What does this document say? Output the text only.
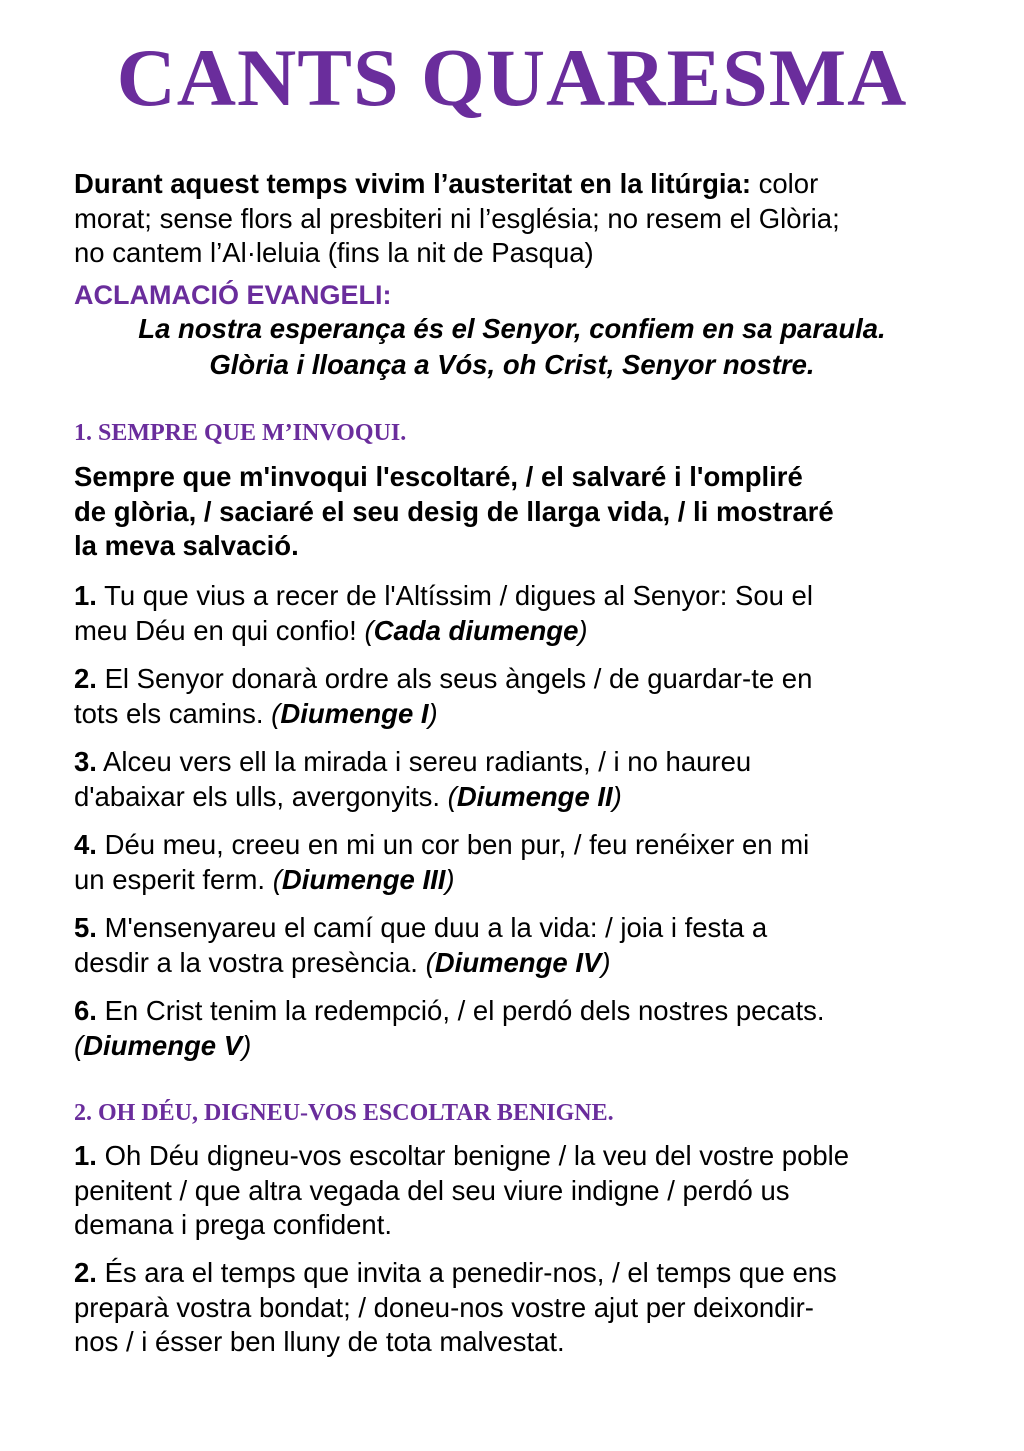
CANTS QUARESMA

Durant aquest temps vivim l’austeritat en la litúrgia: color
morat; sense flors al presbiteri ni l’església; no resem el Glòria;
no cantem l’Al·leluia (fins la nit de Pasqua)

ACLAMACIÓ EVANGELI:

La nostra esperança és el Senyor, confiem en sa paraula.

Glòria i lloança a Vós, oh Crist, Senyor nostre.

1. SEMPRE QUE M’INVOQUI.

Sempre que m'invoqui l'escoltaré, / el salvaré i l'ompliré
de glòria, / saciaré el seu desig de llarga vida, / li mostraré
la meva salvació.

1. Tu que vius a recer de l'Altíssim / digues al Senyor: Sou el
meu Déu en qui confio! (Cada diumenge)

2. El Senyor donarà ordre als seus àngels / de guardar-te en
tots els camins. (Diumenge I)

3. Alceu vers ell la mirada i sereu radiants, / i no haureu
d'abaixar els ulls, avergonyits. (Diumenge II)

4. Déu meu, creeu en mi un cor ben pur, / feu renéixer en mi
un esperit ferm. (Diumenge III)

5. M'ensenyareu el camí que duu a la vida: / joia i festa a
desdir a la vostra presència. (Diumenge IV)

6. En Crist tenim la redempció, / el perdó dels nostres pecats.
(Diumenge V)

2. OH DÉU, DIGNEU-VOS ESCOLTAR BENIGNE.

1. Oh Déu digneu-vos escoltar benigne / la veu del vostre poble
penitent / que altra vegada del seu viure indigne / perdó us
demana i prega confident.

2. És ara el temps que invita a penedir-nos, / el temps que ens
preparà vostra bondat; / doneu-nos vostre ajut per deixondir-
nos / i ésser ben lluny de tota malvestat.
